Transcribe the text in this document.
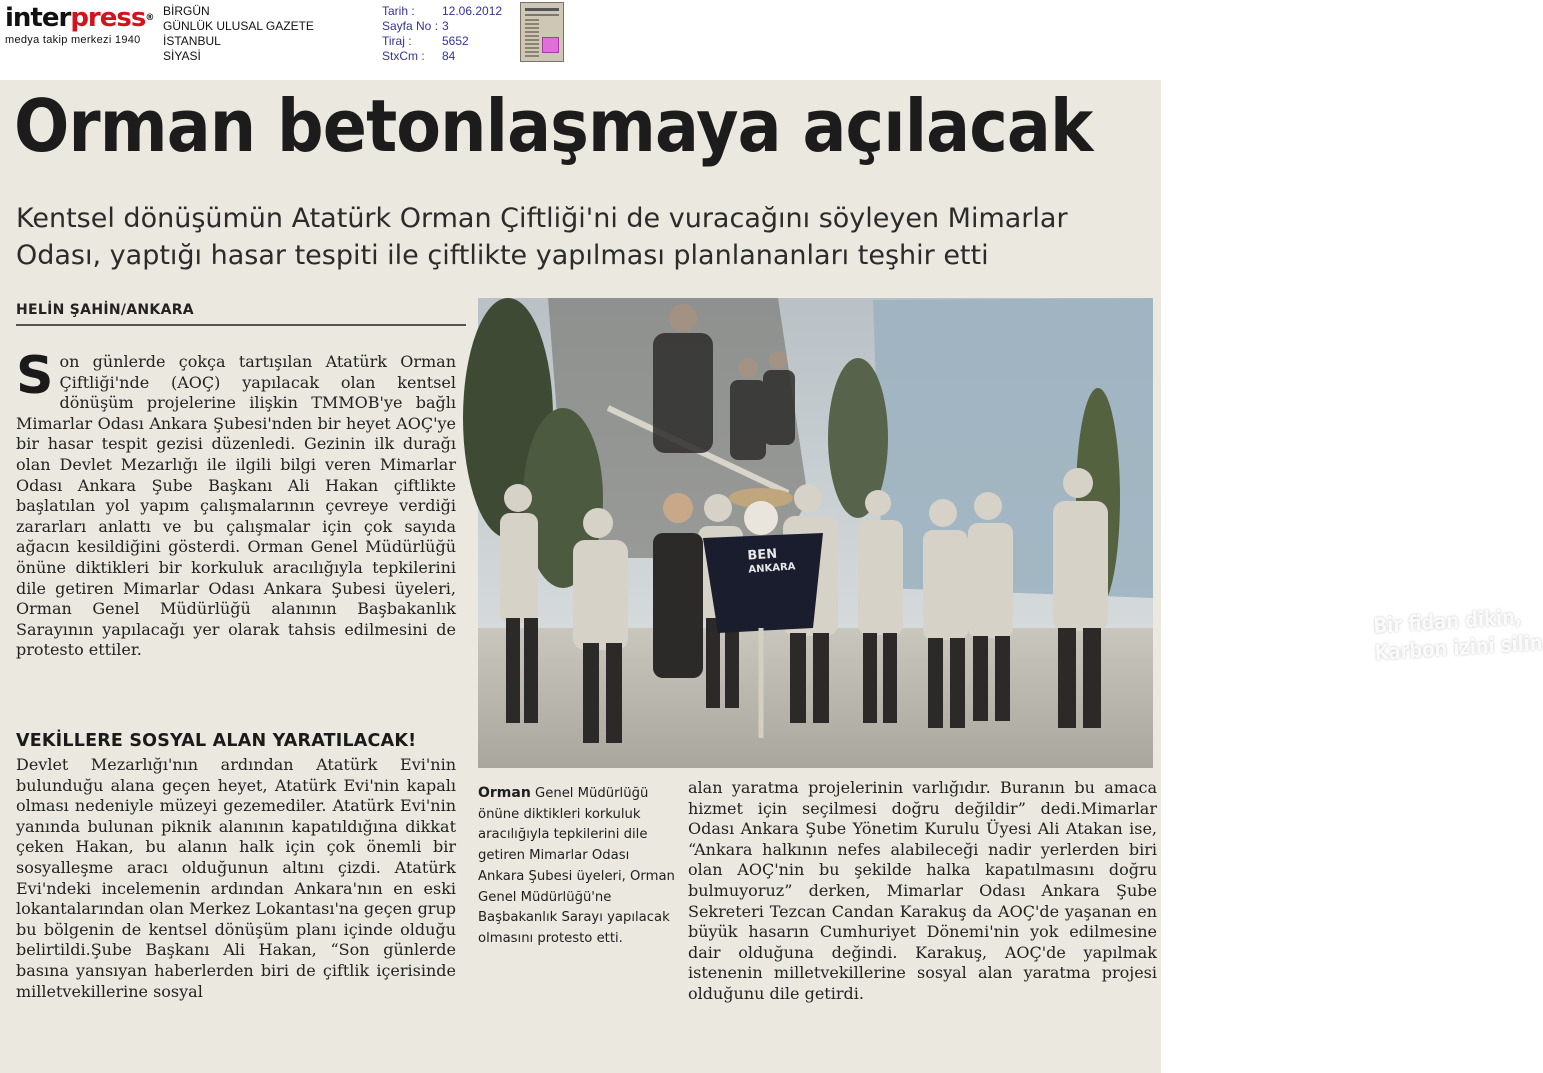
interpress®
medya takip merkezi 1940
BİRGÜN
GÜNLÜK ULUSAL GAZETE
İSTANBUL
SİYASİ
Tarih :	12.06.2012
Sayfa No : 3
Tiraj :	5652
StxCm :	84
Orman betonlaşmaya açılacak
Kentsel dönüşümün Atatürk Orman Çiftliği'ni de vuracağını söyleyen Mimarlar Odası, yaptığı hasar tespiti ile çiftlikte yapılması planlananları teşhir etti
HELİN ŞAHİN/ANKARA
Son günlerde çokça tartışılan Atatürk Orman Çiftliği'nde (AOÇ) yapılacak olan kentsel dönüşüm projelerine ilişkin TMMOB'ye bağlı Mimarlar Odası Ankara Şubesi'nden bir heyet AOÇ'ye bir hasar tespit gezisi düzenledi. Gezinin ilk durağı olan Devlet Mezarlığı ile ilgili bilgi veren Mimarlar Odası Ankara Şube Başkanı Ali Hakan çiftlikte başlatılan yol yapım çalışmalarının çevreye verdiği zararları anlattı ve bu çalışmalar için çok sayıda ağacın kesildiğini gösterdi. Orman Genel Müdürlüğü önüne diktikleri bir korkuluk aracılığıyla tepkilerini dile getiren Mimarlar Odası Ankara Şubesi üyeleri, Orman Genel Müdürlüğü alanının Başbakanlık Sarayının yapılacağı yer olarak tahsis edilmesini de protesto ettiler.
VEKİLLERE SOSYAL ALAN YARATILACAK!
Devlet Mezarlığı'nın ardından Atatürk Evi'nin bulunduğu alana geçen heyet, Atatürk Evi'nin kapalı olması nedeniyle müzeyi gezemediler. Atatürk Evi'nin yanında bulunan piknik alanının kapatıldığına dikkat çeken Hakan, bu alanın halk için çok önemli bir sosyalleşme aracı olduğunun altını çizdi. Atatürk Evi'ndeki incelemenin ardından Ankara'nın en eski lokantalarından olan Merkez Lokantası'na geçen grup bu bölgenin de kentsel dönüşüm planı içinde olduğu belirtildi.Şube Başkanı Ali Hakan, “Son günlerde basına yansıyan haberlerden biri de çiftlik içerisinde milletvekillerine sosyal
Orman Genel Müdürlüğü önüne diktikleri korkuluk aracılığıyla tepkilerini dile getiren Mimarlar Odası Ankara Şubesi üyeleri, Orman Genel Müdürlüğü'ne Başbakanlık Sarayı yapılacak olmasını protesto etti.
alan yaratma projelerinin varlığıdır. Buranın bu amaca hizmet için seçilmesi doğru değildir” dedi.Mimarlar Odası Ankara Şube Yönetim Kurulu Üyesi Ali Atakan ise, “Ankara halkının nefes alabileceği nadir yerlerden biri olan AOÇ'nin bu şekilde halka kapatılmasını doğru bulmuyoruz” derken, Mimarlar Odası Ankara Şube Sekreteri Tezcan Candan Karakuş da AOÇ'de yaşanan en büyük hasarın Cumhuriyet Dönemi'nin yok edilmesine dair olduğuna değindi. Karakuş, AOÇ'de yapılmak istenenin milletvekillerine sosyal alan yaratma projesi olduğunu dile getirdi.
Bir fidan dikin,
Karbon izini silin
BEN
ANKARA
